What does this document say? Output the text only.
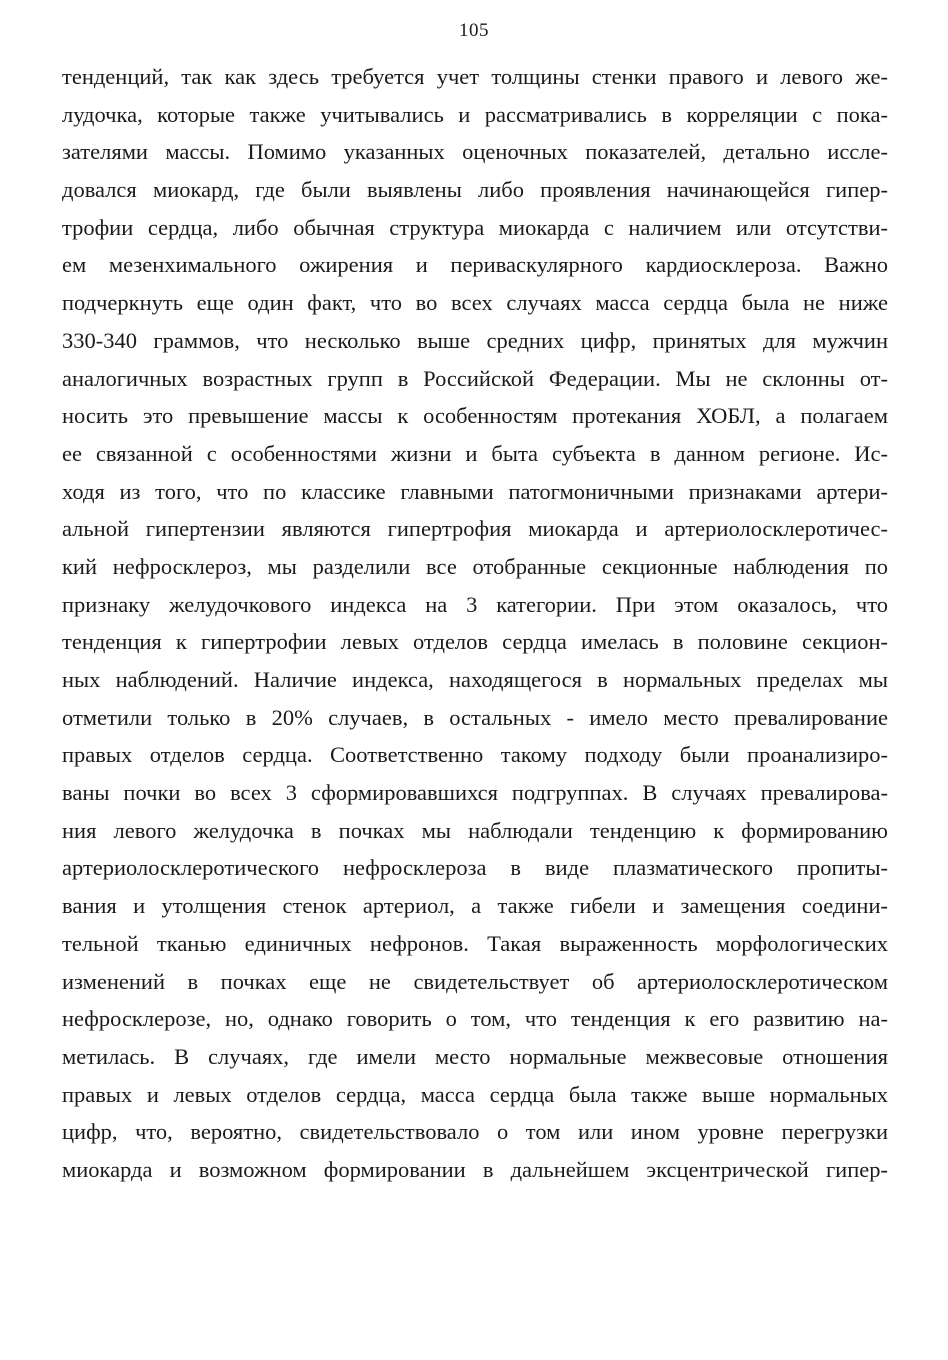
105
тенденций, так как здесь требуется учет толщины стенки правого и левого же-
лудочка, которые также учитывались и рассматривались в корреляции с пока-
зателями массы. Помимо указанных оценочных показателей, детально иссле-
довался миокард, где были выявлены либо проявления начинающейся гипер-
трофии сердца, либо обычная структура миокарда с наличием или отсутстви-
ем мезенхимального ожирения и периваскулярного кардиосклероза. Важно
подчеркнуть еще один факт, что во всех случаях масса сердца была не ниже
330-340 граммов, что несколько выше средних цифр, принятых для мужчин
аналогичных возрастных групп в Российской Федерации. Мы не склонны от-
носить это превышение массы к особенностям протекания ХОБЛ, а полагаем
ее связанной с особенностями жизни и быта субъекта в данном регионе. Ис-
ходя из того, что по классике главными патогмоничными признаками артери-
альной гипертензии являются гипертрофия миокарда и артериолосклеротичес-
кий нефросклероз, мы разделили все отобранные секционные наблюдения по
признаку желудочкового индекса на 3 категории. При этом оказалось, что
тенденция к гипертрофии левых отделов сердца имелась в половине секцион-
ных наблюдений. Наличие индекса, находящегося в нормальных пределах мы
отметили только в 20% случаев, в остальных - имело место превалирование
правых отделов сердца. Соответственно такому подходу были проанализиро-
ваны почки во всех 3 сформировавшихся подгруппах. В случаях превалирова-
ния левого желудочка в почках мы наблюдали тенденцию к формированию
артериолосклеротического нефросклероза в виде плазматического пропиты-
вания и утолщения стенок артериол, а также гибели и замещения соедини-
тельной тканью единичных нефронов. Такая выраженность морфологических
изменений в почках еще не свидетельствует об артериолосклеротическом
нефросклерозе, но, однако говорить о том, что тенденция к его развитию на-
метилась. В случаях, где имели место нормальные межвесовые отношения
правых и левых отделов сердца, масса сердца была также выше нормальных
цифр, что, вероятно, свидетельствовало о том или ином уровне перегрузки
миокарда и возможном формировании в дальнейшем эксцентрической гипер-
